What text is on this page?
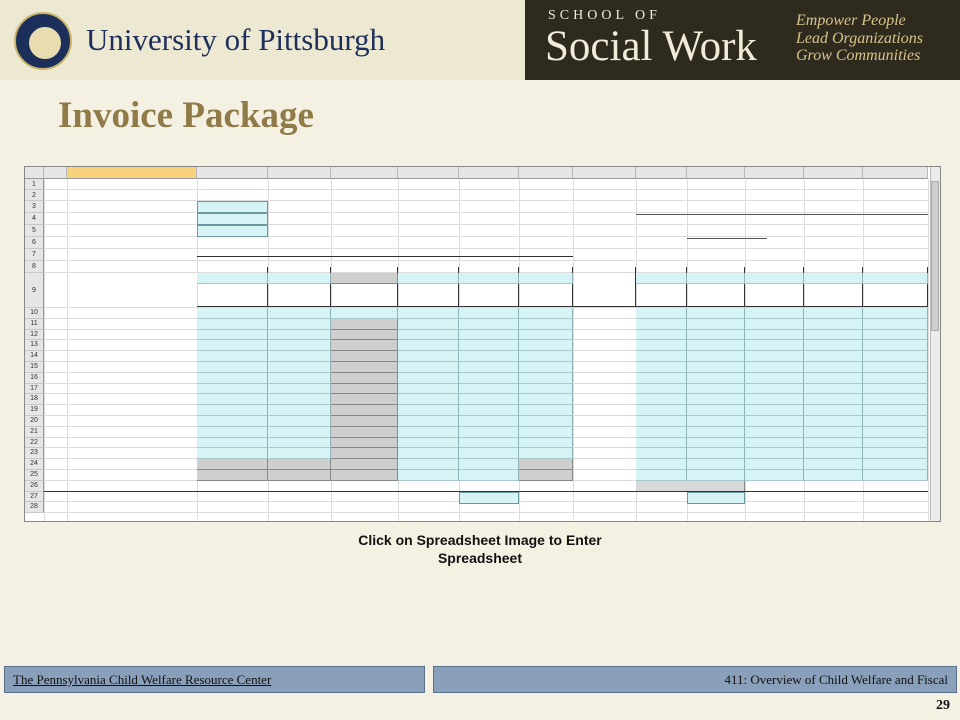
University of Pittsburgh
SCHOOL OF
Social Work
Empower People
Lead Organizations
Grow Communities
Invoice Package
1
2
3
4
5
6
7
8
9
10
11
12
13
14
15
16
17
18
19
20
21
22
23
24
25
26
27
28
Click on Spreadsheet Image to Enter
Spreadsheet
The Pennsylvania Child Welfare Resource Center	411: Overview of Child Welfare and Fiscal
29
